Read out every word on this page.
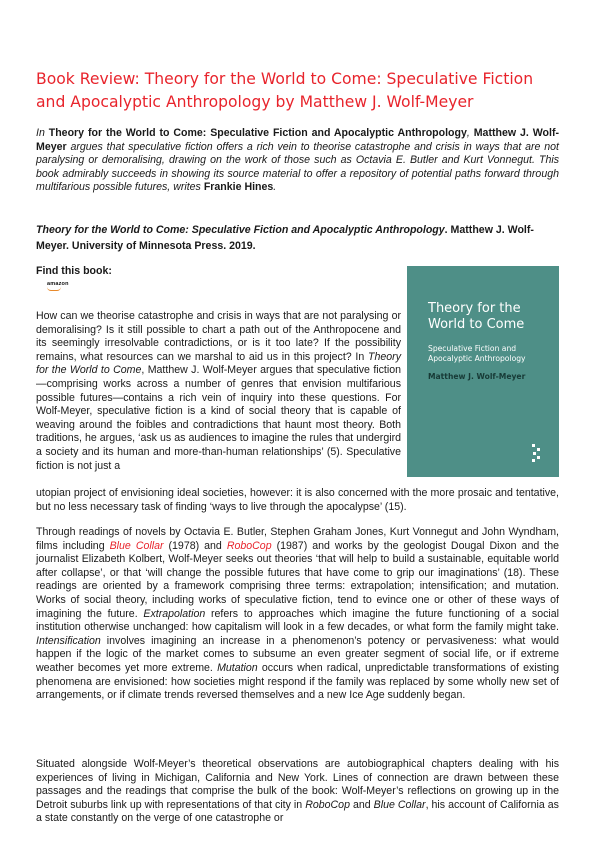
Book Review: Theory for the World to Come: Speculative Fiction and Apocalyptic Anthropology by Matthew J. Wolf-Meyer

In Theory for the World to Come: Speculative Fiction and Apocalyptic Anthropology, Matthew J. Wolf-Meyer argues that speculative fiction offers a rich vein to theorise catastrophe and crisis in ways that are not paralysing or demoralising, drawing on the work of those such as Octavia E. Butler and Kurt Vonnegut. This book admirably succeeds in showing its source material to offer a repository of potential paths forward through multifarious possible futures, writes Frankie Hines.

Theory for the World to Come: Speculative Fiction and Apocalyptic Anthropology. Matthew J. Wolf-Meyer. University of Minnesota Press. 2019.

Find this book:

amazon
Theory for the World to Come
Speculative Fiction and Apocalyptic Anthropology
Matthew J. Wolf-Meyer

How can we theorise catastrophe and crisis in ways that are not paralysing or demoralising? Is it still possible to chart a path out of the Anthropocene and its seemingly irresolvable contradictions, or is it too late? If the possibility remains, what resources can we marshal to aid us in this project? In Theory for the World to Come, Matthew J. Wolf-Meyer argues that speculative fiction—comprising works across a number of genres that envision multifarious possible futures—contains a rich vein of inquiry into these questions. For Wolf-Meyer, speculative fiction is a kind of social theory that is capable of weaving around the foibles and contradictions that haunt most theory. Both traditions, he argues, ‘ask us as audiences to imagine the rules that undergird a society and its human and more-than-human relationships’ (5). Speculative fiction is not just a

utopian project of envisioning ideal societies, however: it is also concerned with the more prosaic and tentative, but no less necessary task of finding ‘ways to live through the apocalypse’ (15).

Through readings of novels by Octavia E. Butler, Stephen Graham Jones, Kurt Vonnegut and John Wyndham, films including Blue Collar (1978) and RoboCop (1987) and works by the geologist Dougal Dixon and the journalist Elizabeth Kolbert, Wolf-Meyer seeks out theories ‘that will help to build a sustainable, equitable world after collapse’, or that ‘will change the possible futures that have come to grip our imaginations’ (18). These readings are oriented by a framework comprising three terms: extrapolation; intensification; and mutation. Works of social theory, including works of speculative fiction, tend to evince one or other of these ways of imagining the future. Extrapolation refers to approaches which imagine the future functioning of a social institution otherwise unchanged: how capitalism will look in a few decades, or what form the family might take. Intensification involves imagining an increase in a phenomenon’s potency or pervasiveness: what would happen if the logic of the market comes to subsume an even greater segment of social life, or if extreme weather becomes yet more extreme. Mutation occurs when radical, unpredictable transformations of existing phenomena are envisioned: how societies might respond if the family was replaced by some wholly new set of arrangements, or if climate trends reversed themselves and a new Ice Age suddenly began.

Situated alongside Wolf-Meyer’s theoretical observations are autobiographical chapters dealing with his experiences of living in Michigan, California and New York. Lines of connection are drawn between these passages and the readings that comprise the bulk of the book: Wolf-Meyer’s reflections on growing up in the Detroit suburbs link up with representations of that city in RoboCop and Blue Collar, his account of California as a state constantly on the verge of one catastrophe or
